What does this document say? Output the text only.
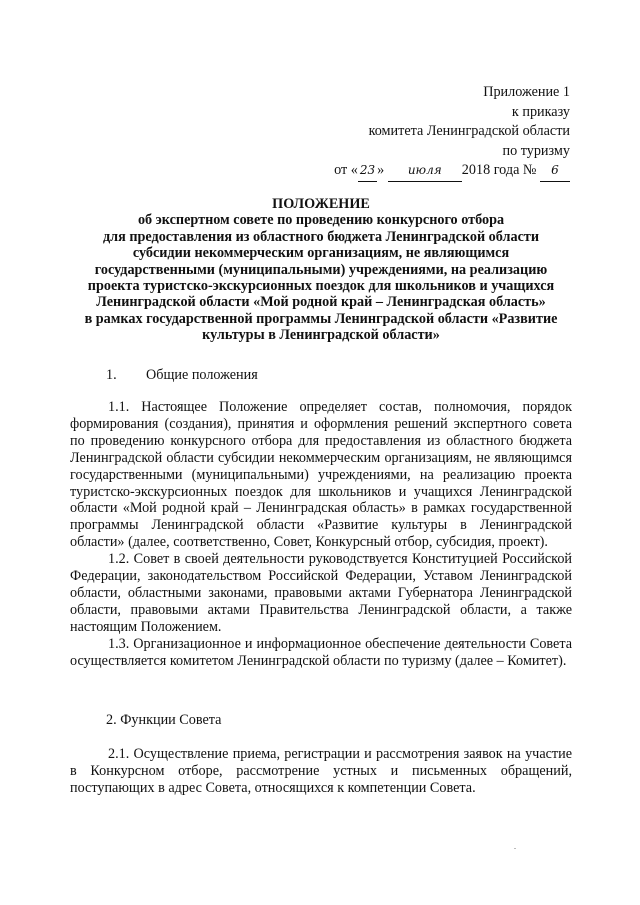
Приложение 1
к приказу
комитета Ленинградской области
по туризму
от « 23 » июля 2018 года № 6
ПОЛОЖЕНИЕ
об экспертном совете по проведению конкурсного отбора
для предоставления из областного бюджета Ленинградской области
субсидии некоммерческим организациям, не являющимся
государственными (муниципальными) учреждениями, на реализацию
проекта туристско-экскурсионных поездок для школьников и учащихся
Ленинградской области «Мой родной край – Ленинградская область»
в рамках государственной программы Ленинградской области «Развитие
культуры в Ленинградской области»
1. Общие положения

1.1. Настоящее Положение определяет состав, полномочия, порядок формирования (создания), принятия и оформления решений экспертного совета по проведению конкурсного отбора для предоставления из областного бюджета Ленинградской области субсидии некоммерческим организациям, не являющимся государственными (муниципальными) учреждениями, на реализацию проекта туристско-экскурсионных поездок для школьников и учащихся Ленинградской области «Мой родной край – Ленинградская область» в рамках государственной программы Ленинградской области «Развитие культуры в Ленинградской области» (далее, соответственно, Совет, Конкурсный отбор, субсидия, проект).

1.2. Совет в своей деятельности руководствуется Конституцией Российской Федерации, законодательством Российской Федерации, Уставом Ленинградской области, областными законами, правовыми актами Губернатора Ленинградской области, правовыми актами Правительства Ленинградской области, а также настоящим Положением.

1.3. Организационное и информационное обеспечение деятельности Совета осуществляется комитетом Ленинградской области по туризму (далее – Комитет).

2. Функции Совета

2.1. Осуществление приема, регистрации и рассмотрения заявок на участие в Конкурсном отборе, рассмотрение устных и письменных обращений, поступающих в адрес Совета, относящихся к компетенции Совета.
